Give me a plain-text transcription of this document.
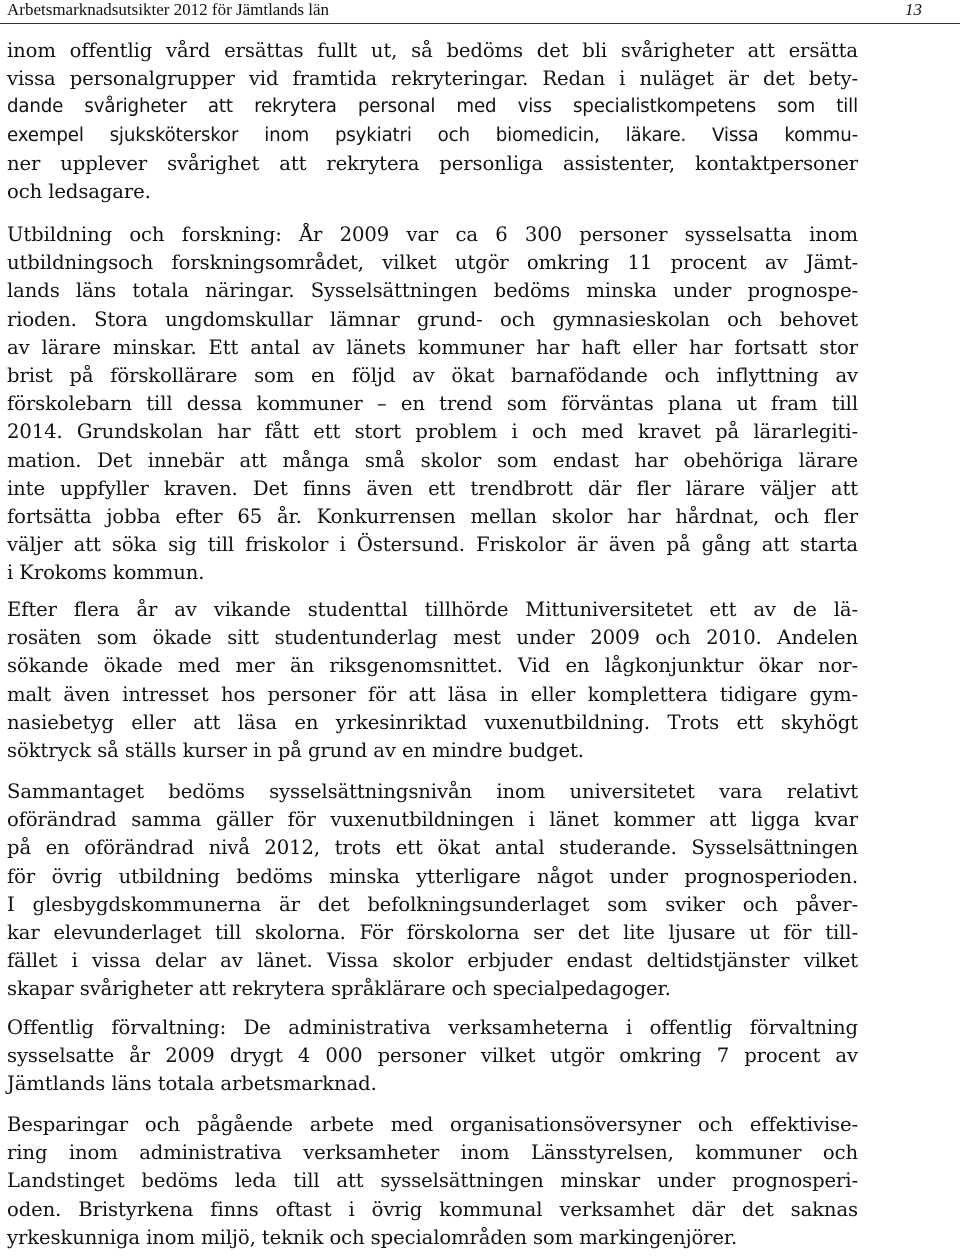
Arbetsmarknadsutsikter 2012 för Jämtlands län	13

inom offentlig vård ersättas fullt ut, så bedöms det bli svårigheter att ersätta
vissa personalgrupper vid framtida rekryteringar. Redan i nuläget är det bety-
dande svårigheter att rekrytera personal med viss specialistkompetens som till
exempel sjuksköterskor inom psykiatri och biomedicin, läkare. Vissa kommu-
ner upplever svårighet att rekrytera personliga assistenter, kontaktpersoner
och ledsagare.

Utbildning och forskning: År 2009 var ca 6 300 personer sysselsatta inom
utbildningsoch forskningsområdet, vilket utgör omkring 11 procent av Jämt-
lands läns totala näringar. Sysselsättningen bedöms minska under prognospe-
rioden. Stora ungdomskullar lämnar grund- och gymnasieskolan och behovet
av lärare minskar. Ett antal av länets kommuner har haft eller har fortsatt stor
brist på förskollärare som en följd av ökat barnafödande och inflyttning av
förskolebarn till dessa kommuner – en trend som förväntas plana ut fram till
2014. Grundskolan har fått ett stort problem i och med kravet på lärarlegiti-
mation. Det innebär att många små skolor som endast har obehöriga lärare
inte uppfyller kraven. Det finns även ett trendbrott där fler lärare väljer att
fortsätta jobba efter 65 år. Konkurrensen mellan skolor har hårdnat, och fler
väljer att söka sig till friskolor i Östersund. Friskolor är även på gång att starta
i Krokoms kommun.

Efter flera år av vikande studenttal tillhörde Mittuniversitetet ett av de lä-
rosäten som ökade sitt studentunderlag mest under 2009 och 2010. Andelen
sökande ökade med mer än riksgenomsnittet. Vid en lågkonjunktur ökar nor-
malt även intresset hos personer för att läsa in eller komplettera tidigare gym-
nasiebetyg eller att läsa en yrkesinriktad vuxenutbildning. Trots ett skyhögt
söktryck så ställs kurser in på grund av en mindre budget.

Sammantaget bedöms sysselsättningsnivån inom universitetet vara relativt
oförändrad samma gäller för vuxenutbildningen i länet kommer att ligga kvar
på en oförändrad nivå 2012, trots ett ökat antal studerande. Sysselsättningen
för övrig utbildning bedöms minska ytterligare något under prognosperioden.
I glesbygdskommunerna är det befolkningsunderlaget som sviker och påver-
kar elevunderlaget till skolorna. För förskolorna ser det lite ljusare ut för till-
fället i vissa delar av länet. Vissa skolor erbjuder endast deltidstjänster vilket
skapar svårigheter att rekrytera språklärare och specialpedagoger.

Offentlig förvaltning: De administrativa verksamheterna i offentlig förvaltning
sysselsatte år 2009 drygt 4 000 personer vilket utgör omkring 7 procent av
Jämtlands läns totala arbetsmarknad.

Besparingar och pågående arbete med organisationsöversyner och effektivise-
ring inom administrativa verksamheter inom Länsstyrelsen, kommuner och
Landstinget bedöms leda till att sysselsättningen minskar under prognosperi-
oden. Bristyrkena finns oftast i övrig kommunal verksamhet där det saknas
yrkeskunniga inom miljö, teknik och specialområden som markingenjörer.
